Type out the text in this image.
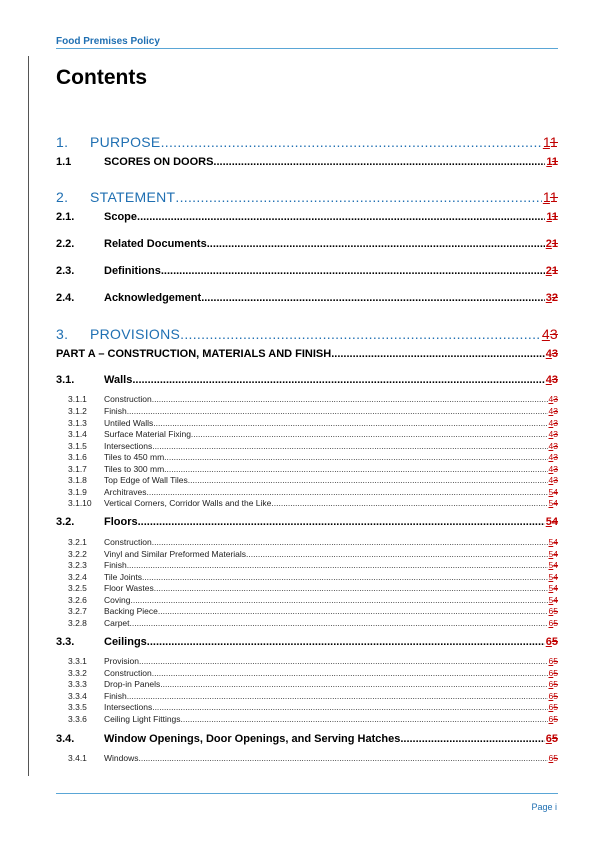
Food Premises Policy
Contents
1.	PURPOSE .....	11
1.1	SCORES ON DOORS .....	11
2.	STATEMENT .....	11
2.1.	Scope .....	11
2.2.	Related Documents .....	21
2.3.	Definitions .....	21
2.4.	Acknowledgement .....	32
3.	PROVISIONS .....	43
PART A – CONSTRUCTION, MATERIALS AND FINISH .....	43
3.1.	Walls .....	43
3.1.1	Construction .....	43
3.1.2	Finish .....	43
3.1.3	Untiled Walls .....	43
3.1.4	Surface Material Fixing .....	43
3.1.5	Intersections .....	43
3.1.6	Tiles to 450 mm .....	43
3.1.7	Tiles to 300 mm .....	43
3.1.8	Top Edge of Wall Tiles .....	43
3.1.9	Architraves .....	54
3.1.10	Vertical Corners, Corridor Walls and the Like .....	54
3.2.	Floors .....	54
3.2.1	Construction .....	54
3.2.2	Vinyl and Similar Preformed Materials .....	54
3.2.3	Finish .....	54
3.2.4	Tile Joints .....	54
3.2.5	Floor Wastes .....	54
3.2.6	Coving .....	54
3.2.7	Backing Piece .....	65
3.2.8	Carpet .....	65
3.3.	Ceilings .....	65
3.3.1	Provision .....	65
3.3.2	Construction .....	65
3.3.3	Drop-in Panels .....	65
3.3.4	Finish .....	65
3.3.5	Intersections .....	65
3.3.6	Ceiling Light Fittings .....	65
3.4.	Window Openings, Door Openings, and Serving Hatches .....	65
3.4.1	Windows .....	65
Page i
